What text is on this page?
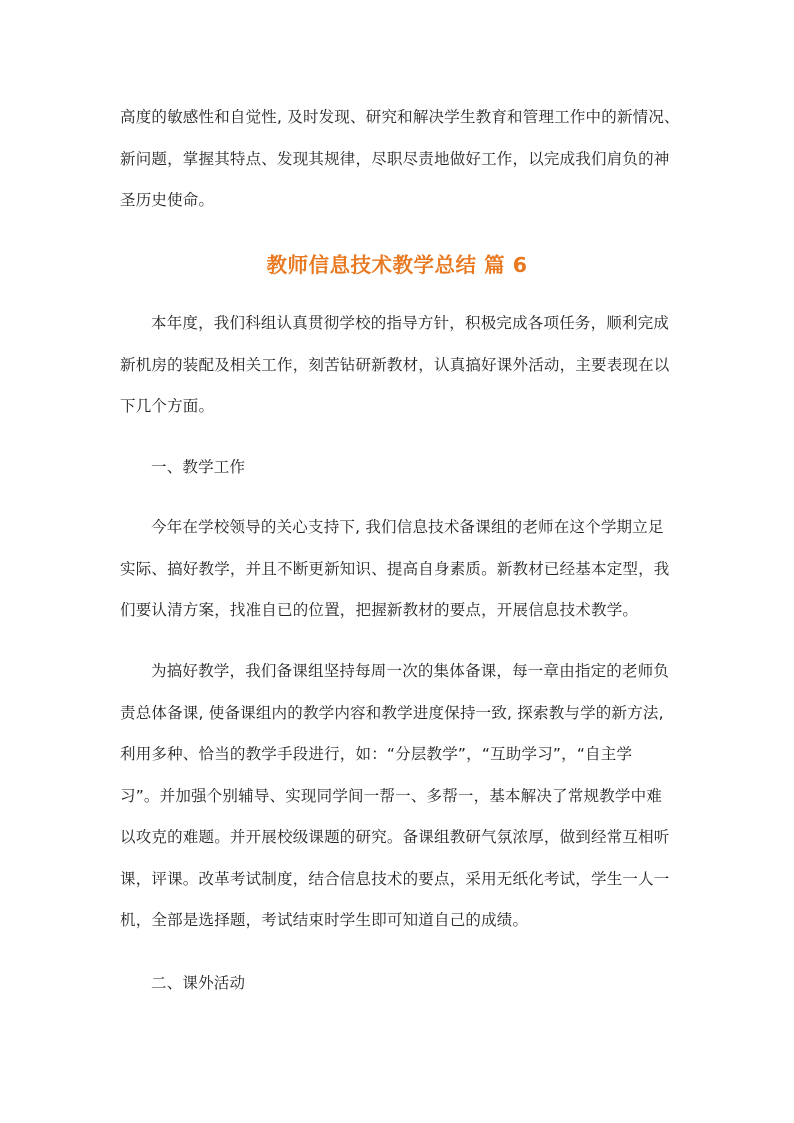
高度的敏感性和自觉性, 及时发现、研究和解决学生教育和管理工作中的新情况、
新问题，掌握其特点、发现其规律，尽职尽责地做好工作，以完成我们肩负的神
圣历史使命。
教师信息技术教学总结 篇 6
本年度，我们科组认真贯彻学校的指导方针，积极完成各项任务，顺利完成
新机房的装配及相关工作，刻苦钻研新教材，认真搞好课外活动，主要表现在以
下几个方面。
一、教学工作
今年在学校领导的关心支持下, 我们信息技术备课组的老师在这个学期立足
实际、搞好教学，并且不断更新知识、提高自身素质。新教材已经基本定型，我
们要认清方案，找准自已的位置，把握新教材的要点，开展信息技术教学。
为搞好教学，我们备课组坚持每周一次的集体备课，每一章由指定的老师负
责总体备课, 使备课组内的教学内容和教学进度保持一致, 探索教与学的新方法,
利用多种、恰当的教学手段进行，如：“分层教学”，“互助学习”，“自主学
习”。并加强个别辅导、实现同学间一帮一、多帮一，基本解决了常规教学中难
以攻克的难题。并开展校级课题的研究。备课组教研气氛浓厚，做到经常互相听
课，评课。改革考试制度，结合信息技术的要点，采用无纸化考试，学生一人一
机，全部是选择题，考试结束时学生即可知道自己的成绩。
二、课外活动
